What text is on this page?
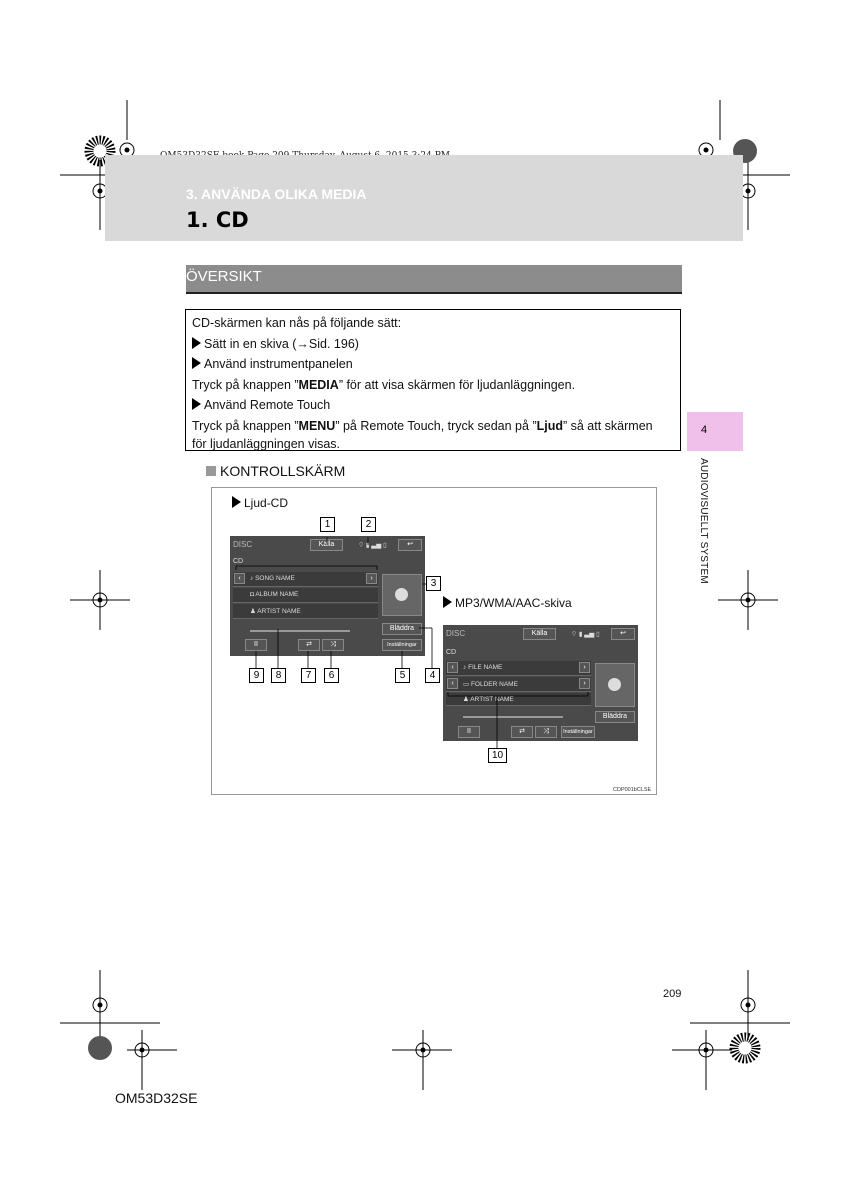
3. ANVÄNDA OLIKA MEDIA
1. CD
ÖVERSIKT

CD-skärmen kan nås på följande sätt:

Sätt in en skiva (→Sid. 196)

Använd instrumentpanelen

Tryck på knappen ”MEDIA” för att visa skärmen för ljudanläggningen.

Använd Remote Touch

Tryck på knappen ”MENU” på Remote Touch, tryck sedan på ”Ljud” så att skärmen

för ljudanläggningen visas.

4
AUDIOVISUELLT SYSTEM
KONTROLLSKÄRM
Ljud-CD
MP3/WMA/AAC-skiva
DISC	Källa	⌔ ▮ ▃▅ ▯	↩
CD
‹	♪ SONG NAME	›
◘ ALBUM NAME
♟ ARTIST NAME
Bläddra
Inställningar
II	⇄	⤨
DISC	Källa	⌔ ▮ ▃▅ ▯	↩
CD
‹	♪ FILE NAME	›
‹	▭ FOLDER NAME	›
♟ ARTIST NAME
Bläddra
II	⇄	⤨	Inställningar
1	2
3
4
5
6
7
8
9
10
CDP001bCLSE
209
OM53D32SE
